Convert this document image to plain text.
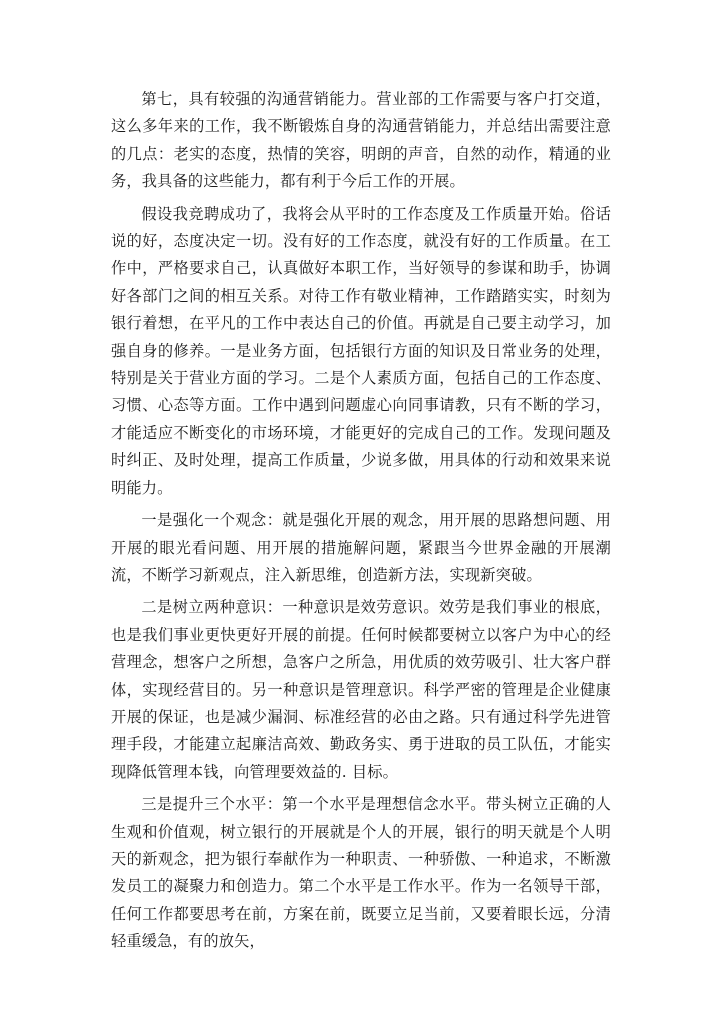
第七，具有较强的沟通营销能力。营业部的工作需要与客户打交道，这么多年来的工作，我不断锻炼自身的沟通营销能力，并总结出需要注意的几点：老实的态度，热情的笑容，明朗的声音，自然的动作，精通的业务，我具备的这些能力，都有利于今后工作的开展。

假设我竞聘成功了，我将会从平时的工作态度及工作质量开始。俗话说的好，态度决定一切。没有好的工作态度，就没有好的工作质量。在工作中，严格要求自己，认真做好本职工作，当好领导的参谋和助手，协调好各部门之间的相互关系。对待工作有敬业精神，工作踏踏实实，时刻为银行着想，在平凡的工作中表达自己的价值。再就是自己要主动学习，加强自身的修养。一是业务方面，包括银行方面的知识及日常业务的处理，特别是关于营业方面的学习。二是个人素质方面，包括自己的工作态度、习惯、心态等方面。工作中遇到问题虚心向同事请教，只有不断的学习，才能适应不断变化的市场环境，才能更好的完成自己的工作。发现问题及时纠正、及时处理，提高工作质量，少说多做，用具体的行动和效果来说明能力。

一是强化一个观念：就是强化开展的观念，用开展的思路想问题、用开展的眼光看问题、用开展的措施解问题，紧跟当今世界金融的开展潮流，不断学习新观点，注入新思维，创造新方法，实现新突破。

二是树立两种意识：一种意识是效劳意识。效劳是我们事业的根底，也是我们事业更快更好开展的前提。任何时候都要树立以客户为中心的经营理念，想客户之所想，急客户之所急，用优质的效劳吸引、壮大客户群体，实现经营目的。另一种意识是管理意识。科学严密的管理是企业健康开展的保证，也是减少漏洞、标准经营的必由之路。只有通过科学先进管理手段，才能建立起廉洁高效、勤政务实、勇于进取的员工队伍，才能实现降低管理本钱，向管理要效益的. 目标。

三是提升三个水平：第一个水平是理想信念水平。带头树立正确的人生观和价值观，树立银行的开展就是个人的开展，银行的明天就是个人明天的新观念，把为银行奉献作为一种职责、一种骄傲、一种追求，不断激发员工的凝聚力和创造力。第二个水平是工作水平。作为一名领导干部，任何工作都要思考在前，方案在前，既要立足当前，又要着眼长远，分清轻重缓急，有的放矢，
